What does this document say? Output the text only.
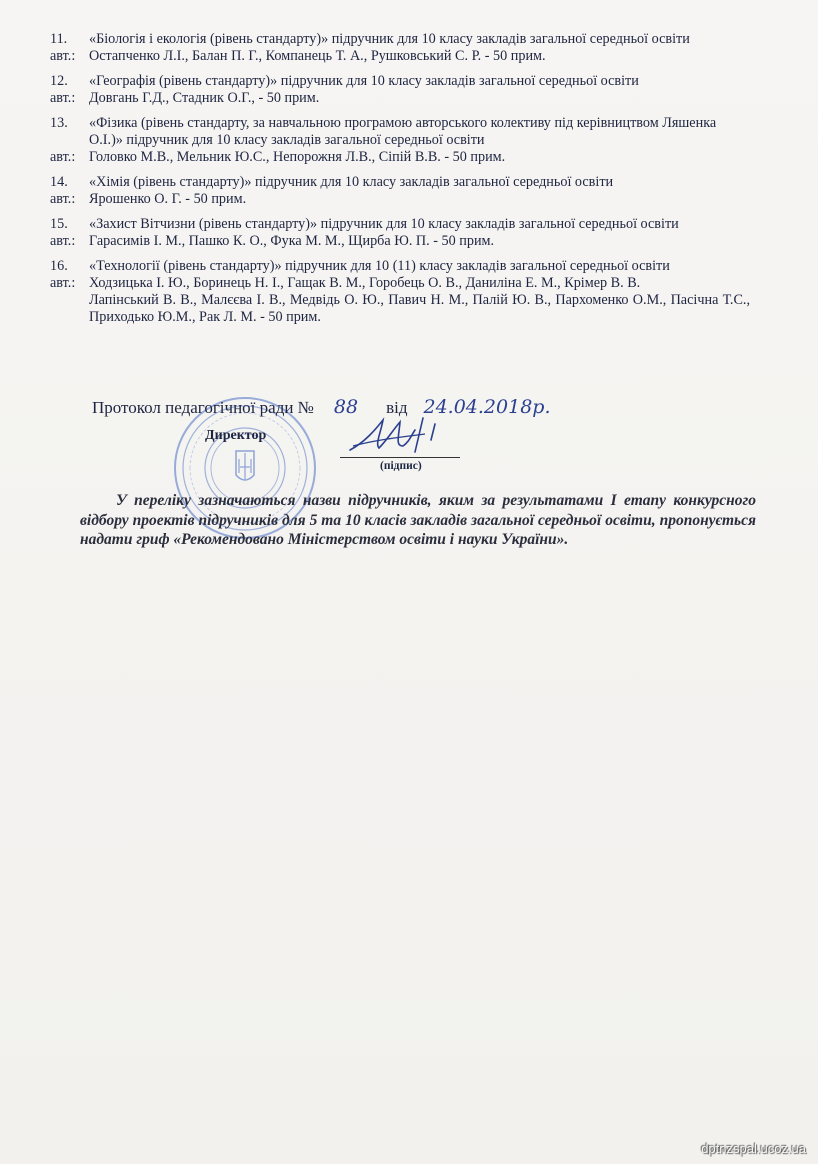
11.	«Біологія і екологія (рівень стандарту)» підручник для 10 класу закладів загальної середньої освіти
авт.: Остапченко Л.І., Балан П. Г., Компанець Т. А., Рушковський С. Р. - 50 прим.
12.	«Географія (рівень стандарту)» підручник для 10 класу закладів загальної середньої освіти
авт.: Довгань Г.Д., Стадник О.Г., - 50 прим.
13.	«Фізика (рівень стандарту, за навчальною програмою авторського колективу під керівництвом Ляшенка О.І.)» підручник для 10 класу закладів загальної середньої освіти
авт.: Головко М.В., Мельник Ю.С., Непорожня Л.В., Сіпій В.В. - 50 прим.
14.	«Хімія (рівень стандарту)» підручник для 10 класу закладів загальної середньої освіти
авт.: Ярошенко О. Г. - 50 прим.
15.	«Захист Вітчизни (рівень стандарту)» підручник для 10 класу закладів загальної середньої освіти
авт.: Гарасимів І. М., Пашко К. О., Фука М. М., Щирба Ю. П. - 50 прим.
16.	«Технології (рівень стандарту)» підручник для 10 (11) класу закладів загальної середньої освіти
авт.: Ходзицька І. Ю., Боринець Н. І., Гащак В. М., Горобець О. В., Даниліна Е. М., Крімер В. В.
Лапінський В. В., Малєєва І. В., Медвідь О. Ю., Павич Н. М., Палій Ю. В., Пархоменко О.М., Пасічна Т.С., Приходько Ю.М., Рак Л. М. - 50 прим.
Протокол педагогічної ради № 88 від 24.04.2018р.
Директор
(підпис)
У переліку зазначаються назви підручників, яким за результатами І етапу конкурсного відбору проектів підручників для 5 та 10 класів закладів загальної середньої освіти, пропонується надати гриф «Рекомендовано Міністерством освіти і науки України».
dptnzspal.ucoz.ua
